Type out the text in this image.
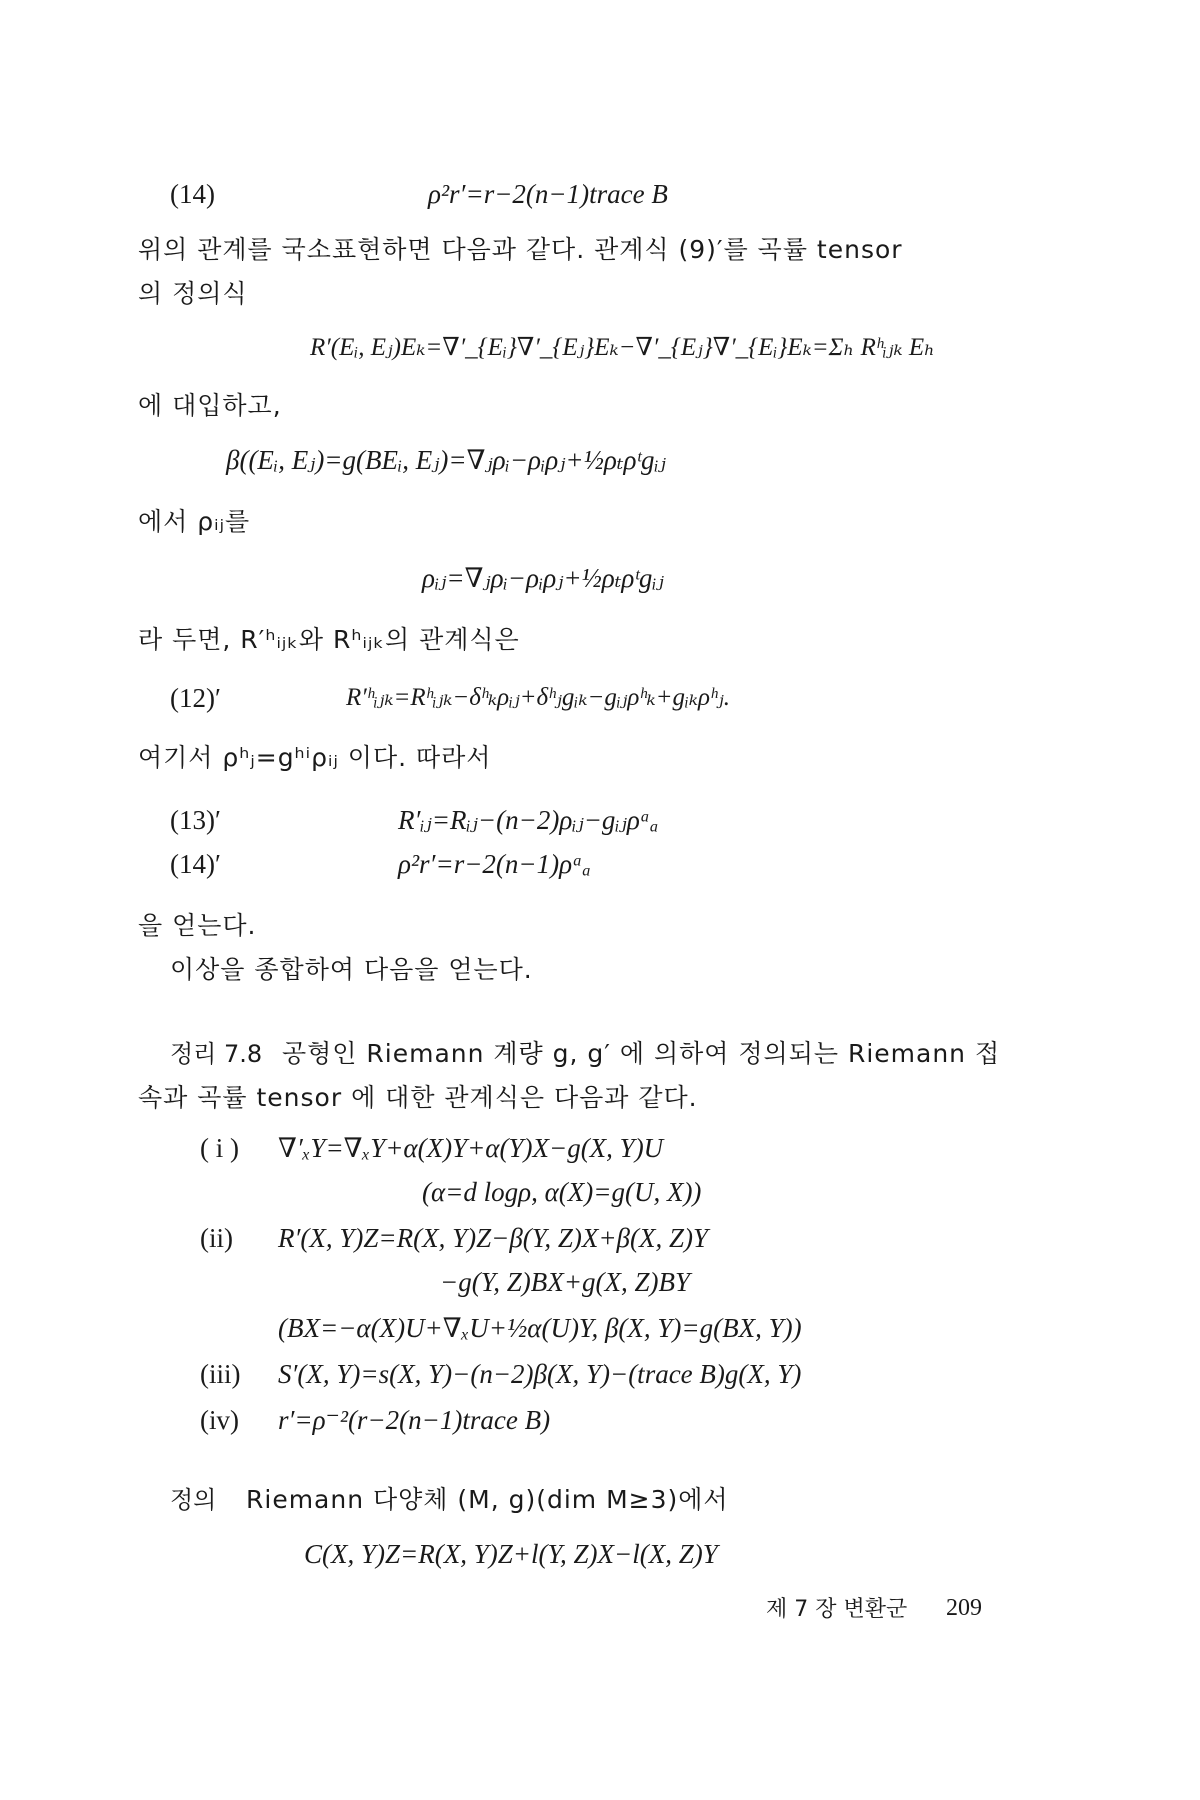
(14)	ρ²r′=r−2(n−1)trace B
위의 관계를 국소표현하면 다음과 같다. 관계식 (9)′를 곡률 tensor
의 정의식
R′(Eᵢ, Eⱼ)Eₖ=∇′_{Eᵢ}∇′_{Eⱼ}Eₖ−∇′_{Eⱼ}∇′_{Eᵢ}Eₖ=Σₕ Rʰᵢⱼₖ Eₕ
에 대입하고,
β((Eᵢ, Eⱼ)=g(BEᵢ, Eⱼ)=∇ⱼρᵢ−ρᵢρⱼ+½ρₜρᵗgᵢⱼ
에서 ρᵢⱼ를
ρᵢⱼ=∇ⱼρᵢ−ρᵢρⱼ+½ρₜρᵗgᵢⱼ
라 두면, R′ʰᵢⱼₖ와 Rʰᵢⱼₖ의 관계식은
(12)′	R′ʰᵢⱼₖ=Rʰᵢⱼₖ−δʰₖρᵢⱼ+δʰⱼgᵢₖ−gᵢⱼρʰₖ+gᵢₖρʰⱼ.
여기서 ρʰⱼ=gʰⁱρᵢⱼ 이다. 따라서
(13)′	R′ᵢⱼ=Rᵢⱼ−(n−2)ρᵢⱼ−gᵢⱼρᵃₐ
(14)′	ρ²r′=r−2(n−1)ρᵃₐ
을 얻는다.
이상을 종합하여 다음을 얻는다.
정리 7.8 공형인 Riemann 계량 g, g′ 에 의하여 정의되는 Riemann 접
속과 곡률 tensor 에 대한 관계식은 다음과 같다.
( i ) ∇′ₓY=∇ₓY+α(X)Y+α(Y)X−g(X, Y)U
(α=d logρ, α(X)=g(U, X))
(ii) R′(X, Y)Z=R(X, Y)Z−β(Y, Z)X+β(X, Z)Y
−g(Y, Z)BX+g(X, Z)BY
(BX=−α(X)U+∇ₓU+½α(U)Y, β(X, Y)=g(BX, Y))
(iii) S′(X, Y)=s(X, Y)−(n−2)β(X, Y)−(trace B)g(X, Y)
(iv) r′=ρ⁻²(r−2(n−1)trace B)
정의 Riemann 다양체 (M, g)(dim M≥3)에서
C(X, Y)Z=R(X, Y)Z+l(Y, Z)X−l(X, Z)Y
제 7 장 변환군 209
